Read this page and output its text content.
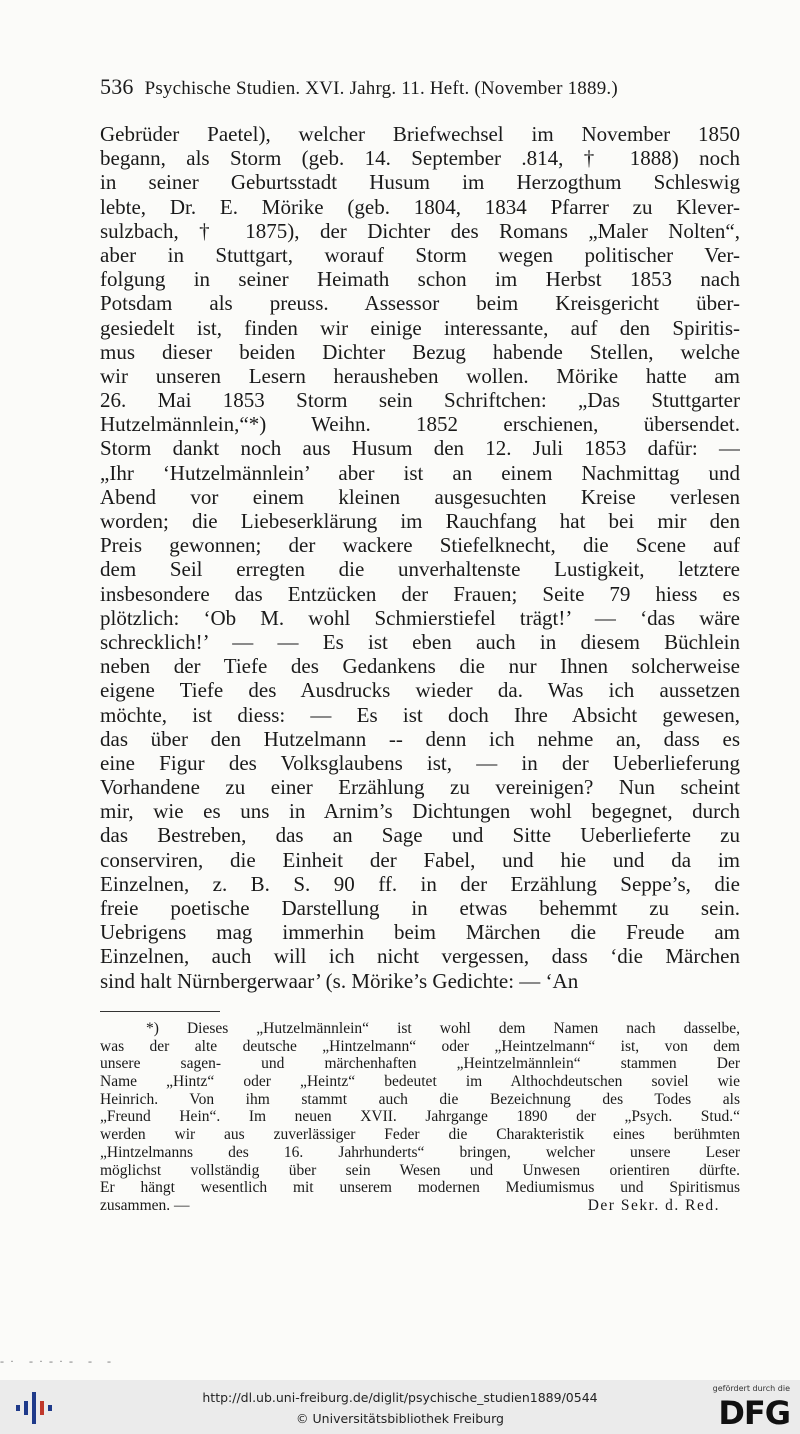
536 Psychische Studien. XVI. Jahrg. 11. Heft. (November 1889.)
Gebrüder Paetel), welcher Briefwechsel im November 1850
begann, als Storm (geb. 14. September .814, † 1888) noch
in seiner Geburtsstadt Husum im Herzogthum Schleswig
lebte, Dr. E. Mörike (geb. 1804, 1834 Pfarrer zu Klever-
sulzbach, † 1875), der Dichter des Romans „Maler Nolten“,
aber in Stuttgart, worauf Storm wegen politischer Ver-
folgung in seiner Heimath schon im Herbst 1853 nach
Potsdam als preuss. Assessor beim Kreisgericht über-
gesiedelt ist, finden wir einige interessante, auf den Spiritis-
mus dieser beiden Dichter Bezug habende Stellen, welche
wir unseren Lesern herausheben wollen. Mörike hatte am
26. Mai 1853 Storm sein Schriftchen: „Das Stuttgarter
Hutzelmännlein,“*) Weihn. 1852 erschienen, übersendet.
Storm dankt noch aus Husum den 12. Juli 1853 dafür: —
„Ihr ‘Hutzelmännlein’ aber ist an einem Nachmittag und
Abend vor einem kleinen ausgesuchten Kreise verlesen
worden; die Liebeserklärung im Rauchfang hat bei mir den
Preis gewonnen; der wackere Stiefelknecht, die Scene auf
dem Seil erregten die unverhaltenste Lustigkeit, letztere
insbesondere das Entzücken der Frauen; Seite 79 hiess es
plötzlich: ‘Ob M. wohl Schmierstiefel trägt!’ — ‘das wäre
schrecklich!’ — — Es ist eben auch in diesem Büchlein
neben der Tiefe des Gedankens die nur Ihnen solcherweise
eigene Tiefe des Ausdrucks wieder da. Was ich aussetzen
möchte, ist diess: — Es ist doch Ihre Absicht gewesen,
das über den Hutzelmann -- denn ich nehme an, dass es
eine Figur des Volksglaubens ist, — in der Ueberlieferung
Vorhandene zu einer Erzählung zu vereinigen? Nun scheint
mir, wie es uns in Arnim’s Dichtungen wohl begegnet, durch
das Bestreben, das an Sage und Sitte Ueberlieferte zu
conserviren, die Einheit der Fabel, und hie und da im
Einzelnen, z. B. S. 90 ff. in der Erzählung Seppe’s, die
freie poetische Darstellung in etwas behemmt zu sein.
Uebrigens mag immerhin beim Märchen die Freude am
Einzelnen, auch will ich nicht vergessen, dass ‘die Märchen
sind halt Nürnbergerwaar’ (s. Mörike’s Gedichte: — ‘An
*) Dieses „Hutzelmännlein“ ist wohl dem Namen nach dasselbe,
was der alte deutsche „Hintzelmann“ oder „Heintzelmann“ ist, von dem
unsere sagen- und märchenhaften „Heintzelmännlein“ stammen Der
Name „Hintz“ oder „Heintz“ bedeutet im Althochdeutschen soviel wie
Heinrich. Von ihm stammt auch die Bezeichnung des Todes als
„Freund Hein“. Im neuen XVII. Jahrgange 1890 der „Psych. Stud.“
werden wir aus zuverlässiger Feder die Charakteristik eines berühmten
„Hintzelmanns des 16. Jahrhunderts“ bringen, welcher unsere Leser
möglichst vollständig über sein Wesen und Unwesen orientiren dürfte.
Er hängt wesentlich mit unserem modernen Mediumismus und Spiritismus
zusammen. —	Der Sekr. d. Red.
-· -·-·- - -
http://dl.ub.uni-freiburg.de/diglit/psychische_studien1889/0544
© Universitätsbibliothek Freiburg
gefördert durch die
DFG
